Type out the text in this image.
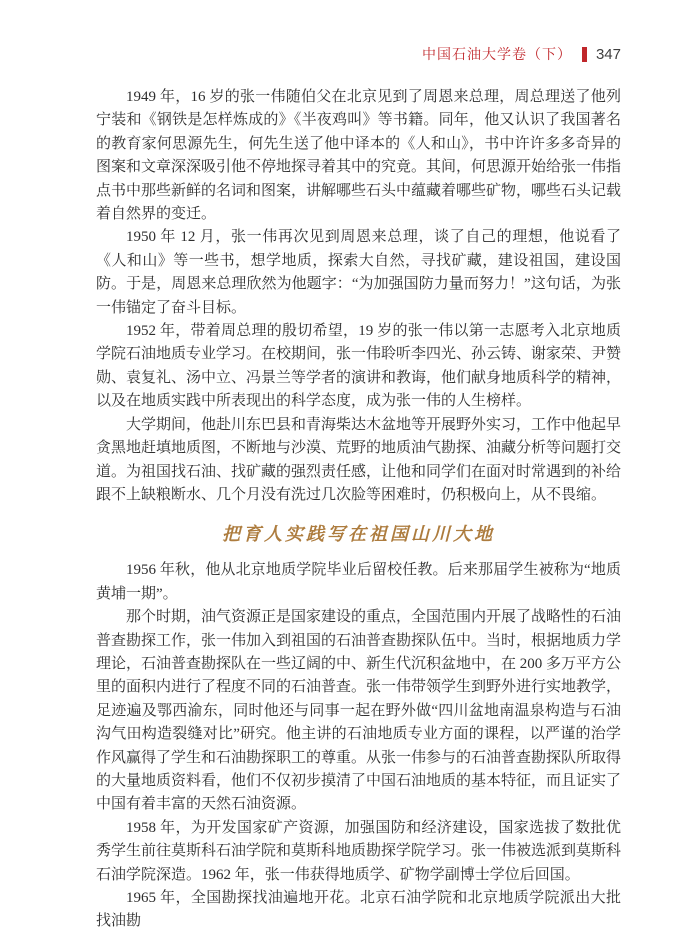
中国石油大学卷（下） 347

1949 年，16 岁的张一伟随伯父在北京见到了周恩来总理，周总理送了他列宁装和《钢铁是怎样炼成的》《半夜鸡叫》等书籍。同年，他又认识了我国著名的教育家何思源先生，何先生送了他中译本的《人和山》，书中许许多多奇异的图案和文章深深吸引他不停地探寻着其中的究竟。其间，何思源开始给张一伟指点书中那些新鲜的名词和图案，讲解哪些石头中蕴藏着哪些矿物，哪些石头记载着自然界的变迁。

1950 年 12 月，张一伟再次见到周恩来总理，谈了自己的理想，他说看了《人和山》等一些书，想学地质，探索大自然，寻找矿藏，建设祖国，建设国防。于是，周恩来总理欣然为他题字：“为加强国防力量而努力！”这句话，为张一伟锚定了奋斗目标。

1952 年，带着周总理的殷切希望，19 岁的张一伟以第一志愿考入北京地质学院石油地质专业学习。在校期间，张一伟聆听李四光、孙云铸、谢家荣、尹赞勋、袁复礼、汤中立、冯景兰等学者的演讲和教诲，他们献身地质科学的精神，以及在地质实践中所表现出的科学态度，成为张一伟的人生榜样。

大学期间，他赴川东巴县和青海柴达木盆地等开展野外实习，工作中他起早贪黑地赶填地质图，不断地与沙漠、荒野的地质油气勘探、油藏分析等问题打交道。为祖国找石油、找矿藏的强烈责任感，让他和同学们在面对时常遇到的补给跟不上缺粮断水、几个月没有洗过几次脸等困难时，仍积极向上，从不畏缩。

把育人实践写在祖国山川大地

1956 年秋，他从北京地质学院毕业后留校任教。后来那届学生被称为“地质黄埔一期”。

那个时期，油气资源正是国家建设的重点，全国范围内开展了战略性的石油普查勘探工作，张一伟加入到祖国的石油普查勘探队伍中。当时，根据地质力学理论，石油普查勘探队在一些辽阔的中、新生代沉积盆地中，在 200 多万平方公里的面积内进行了程度不同的石油普查。张一伟带领学生到野外进行实地教学，足迹遍及鄂西渝东，同时他还与同事一起在野外做“四川盆地南温泉构造与石油沟气田构造裂缝对比”研究。他主讲的石油地质专业方面的课程，以严谨的治学作风赢得了学生和石油勘探职工的尊重。从张一伟参与的石油普查勘探队所取得的大量地质资料看，他们不仅初步摸清了中国石油地质的基本特征，而且证实了中国有着丰富的天然石油资源。

1958 年，为开发国家矿产资源，加强国防和经济建设，国家选拔了数批优秀学生前往莫斯科石油学院和莫斯科地质勘探学院学习。张一伟被选派到莫斯科石油学院深造。1962 年，张一伟获得地质学、矿物学副博士学位后回国。

1965 年，全国勘探找油遍地开花。北京石油学院和北京地质学院派出大批找油勘
